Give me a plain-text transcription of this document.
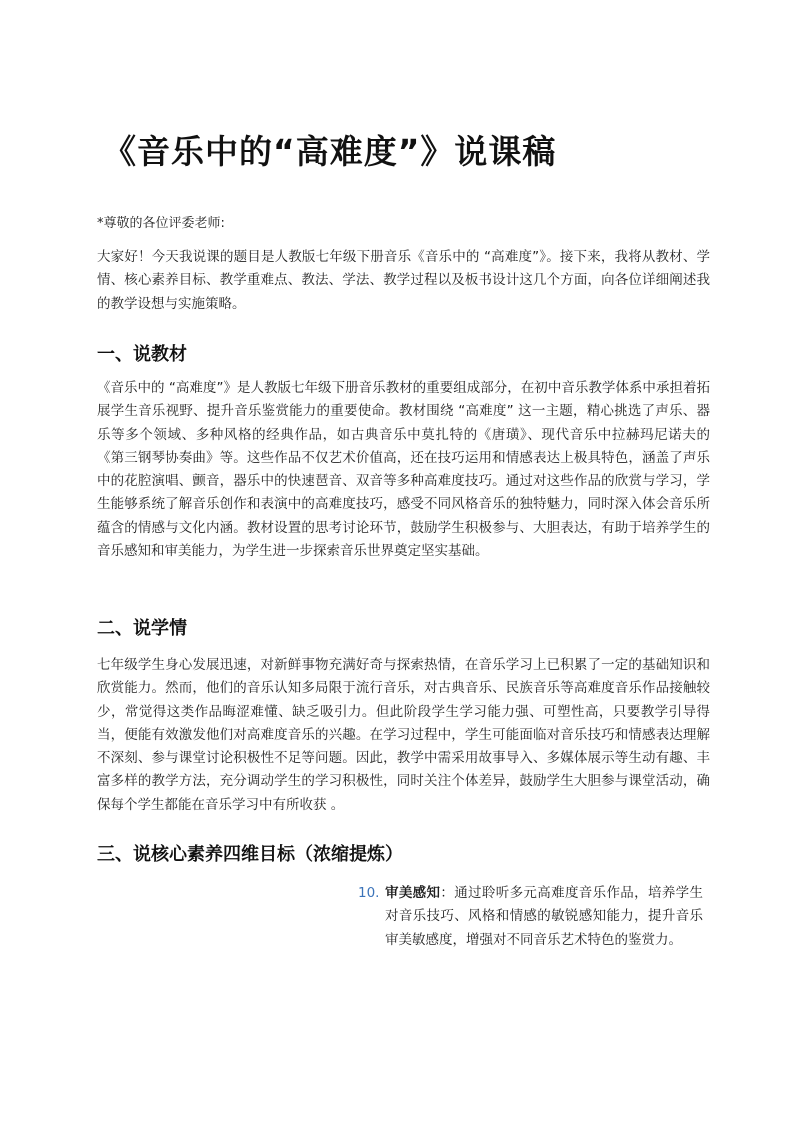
《音乐中的“高难度”》说课稿

*尊敬的各位评委老师:

大家好！今天我说课的题目是人教版七年级下册音乐《音乐中的 “高难度”》。接下来，我将从教材、学情、核心素养目标、教学重难点、教法、学法、教学过程以及板书设计这几个方面，向各位详细阐述我的教学设想与实施策略。

一、说教材

《音乐中的 “高难度”》是人教版七年级下册音乐教材的重要组成部分，在初中音乐教学体系中承担着拓展学生音乐视野、提升音乐鉴赏能力的重要使命。教材围绕 “高难度” 这一主题，精心挑选了声乐、器乐等多个领域、多种风格的经典作品，如古典音乐中莫扎特的《唐璜》、现代音乐中拉赫玛尼诺夫的《第三钢琴协奏曲》等。这些作品不仅艺术价值高，还在技巧运用和情感表达上极具特色，涵盖了声乐中的花腔演唱、颤音，器乐中的快速琶音、双音等多种高难度技巧。通过对这些作品的欣赏与学习，学生能够系统了解音乐创作和表演中的高难度技巧，感受不同风格音乐的独特魅力，同时深入体会音乐所蕴含的情感与文化内涵。教材设置的思考讨论环节，鼓励学生积极参与、大胆表达，有助于培养学生的音乐感知和审美能力，为学生进一步探索音乐世界奠定坚实基础。

二、说学情

七年级学生身心发展迅速，对新鲜事物充满好奇与探索热情，在音乐学习上已积累了一定的基础知识和欣赏能力。然而，他们的音乐认知多局限于流行音乐，对古典音乐、民族音乐等高难度音乐作品接触较少，常觉得这类作品晦涩难懂、缺乏吸引力。但此阶段学生学习能力强、可塑性高，只要教学引导得当，便能有效激发他们对高难度音乐的兴趣。在学习过程中，学生可能面临对音乐技巧和情感表达理解不深刻、参与课堂讨论积极性不足等问题。因此，教学中需采用故事导入、多媒体展示等生动有趣、丰富多样的教学方法，充分调动学生的学习积极性，同时关注个体差异，鼓励学生大胆参与课堂活动，确保每个学生都能在音乐学习中有所收获 。

三、说核心素养四维目标（浓缩提炼）
10. 审美感知：通过聆听多元高难度音乐作品，培养学生对音乐技巧、风格和情感的敏锐感知能力，提升音乐审美敏感度，增强对不同音乐艺术特色的鉴赏力。
